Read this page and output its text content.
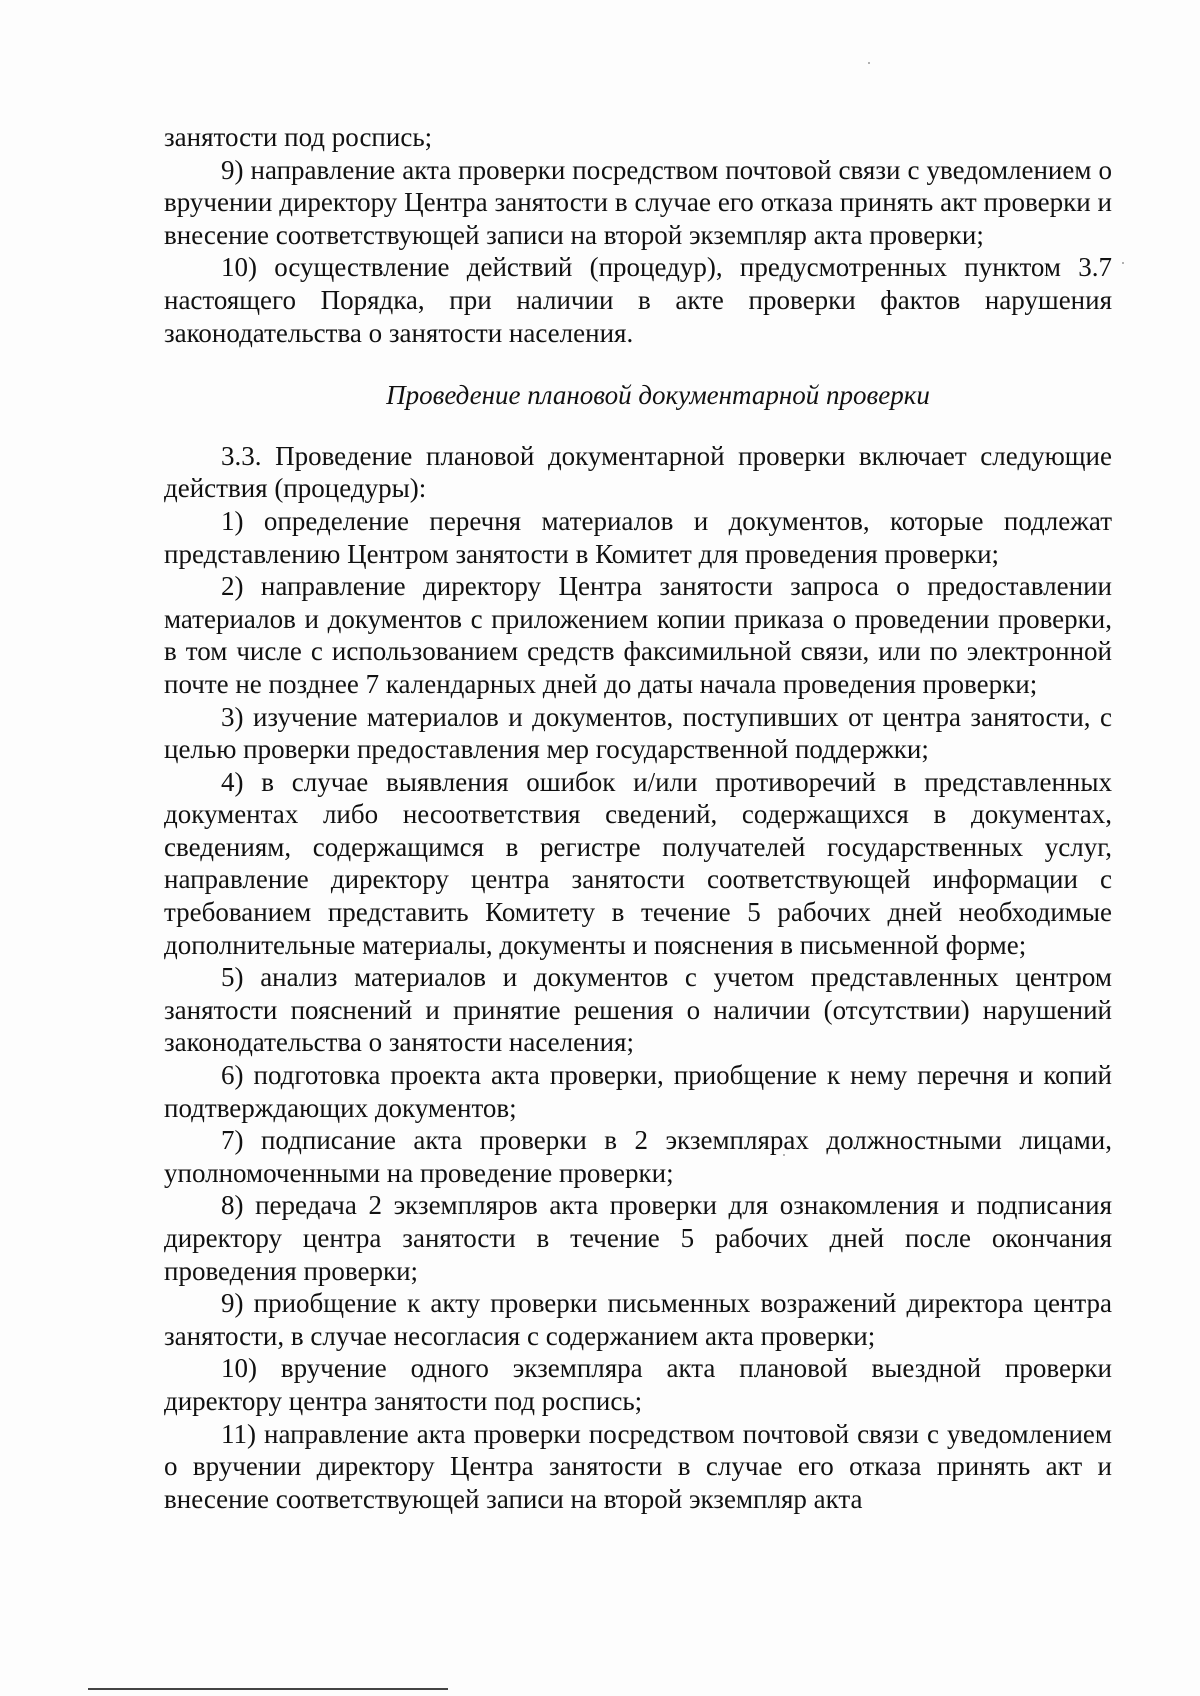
занятости под роспись;

9) направление акта проверки посредством почтовой связи с уведомлением о вручении директору Центра занятости в случае его отказа принять акт проверки и внесение соответствующей записи на второй экземпляр акта проверки;

10) осуществление действий (процедур), предусмотренных пунктом 3.7 настоящего Порядка, при наличии в акте проверки фактов нарушения законодательства о занятости населения.

Проведение плановой документарной проверки

3.3. Проведение плановой документарной проверки включает следующие действия (процедуры):

1) определение перечня материалов и документов, которые подлежат представлению Центром занятости в Комитет для проведения проверки;

2) направление директору Центра занятости запроса о предоставлении материалов и документов с приложением копии приказа о проведении проверки, в том числе с использованием средств факсимильной связи, или по электронной почте не позднее 7 календарных дней до даты начала проведения проверки;

3) изучение материалов и документов, поступивших от центра занятости, с целью проверки предоставления мер государственной поддержки;

4) в случае выявления ошибок и/или противоречий в представленных документах либо несоответствия сведений, содержащихся в документах, сведениям, содержащимся в регистре получателей государственных услуг, направление директору центра занятости соответствующей информации с требованием представить Комитету в течение 5 рабочих дней необходимые дополнительные материалы, документы и пояснения в письменной форме;

5) анализ материалов и документов с учетом представленных центром занятости пояснений и принятие решения о наличии (отсутствии) нарушений законодательства о занятости населения;

6) подготовка проекта акта проверки, приобщение к нему перечня и копий подтверждающих документов;

7) подписание акта проверки в 2 экземплярах должностными лицами, уполномоченными на проведение проверки;

8) передача 2 экземпляров акта проверки для ознакомления и подписания директору центра занятости в течение 5 рабочих дней после окончания проведения проверки;

9) приобщение к акту проверки письменных возражений директора центра занятости, в случае несогласия с содержанием акта проверки;

10) вручение одного экземпляра акта плановой выездной проверки директору центра занятости под роспись;

11) направление акта проверки посредством почтовой связи с уведомлением о вручении директору Центра занятости в случае его отказа принять акт и внесение соответствующей записи на второй экземпляр акта
